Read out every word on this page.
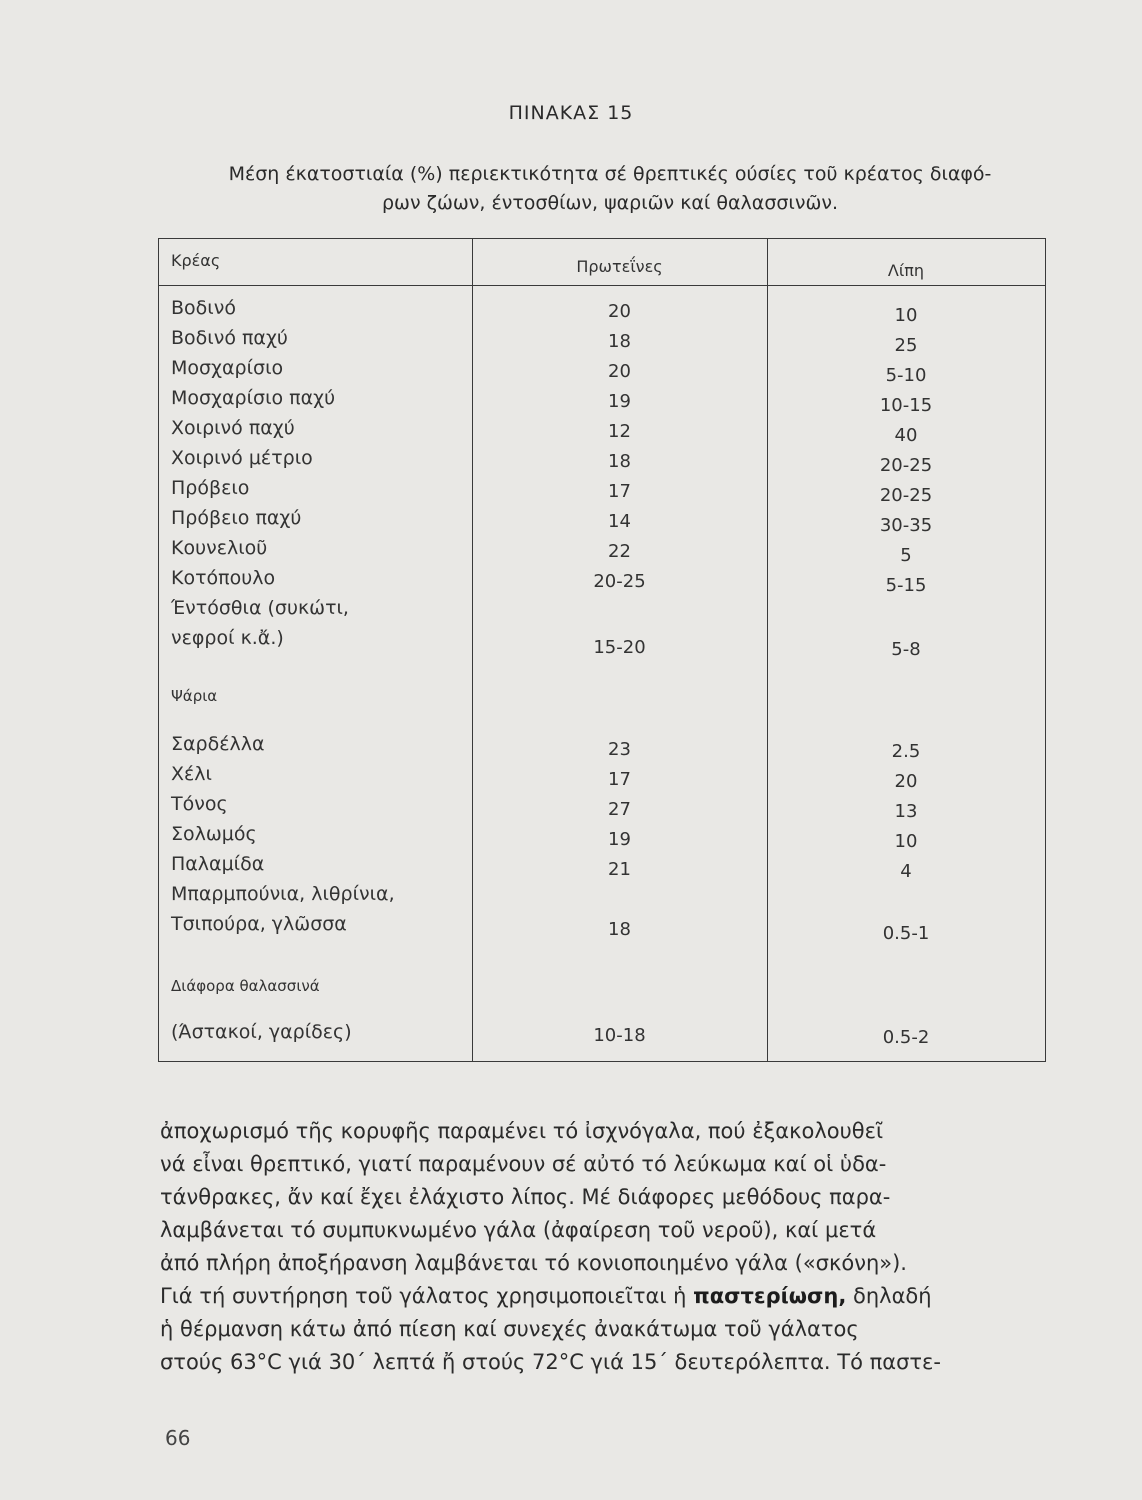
ΠΙΝΑΚΑΣ 15
Μέση έκατοστιαία (%) περιεκτικότητα σέ θρεπτικές ούσίες τοῦ κρέατος διαφό-
ρων ζώων, έντοσθίων, ψαριῶν καί θαλασσινῶν.
Κρέας	Πρωτεΐνες	Λίπη
Βοδινό	20	10
Βοδινό παχύ	18	25
Μοσχαρίσιο	20	5-10
Μοσχαρίσιο παχύ	19	10-15
Χοιρινό παχύ	12	40
Χοιρινό μέτριο	18	20-25
Πρόβειο	17	20-25
Πρόβειο παχύ	14	30-35
Κουνελιοῦ	22	5
Κοτόπουλο	20-25	5-15
Έντόσθια (συκώτι,
νεφροί κ.ἄ.)	15-20	5-8
Ψάρια
Σαρδέλλα	23	2.5
Χέλι	17	20
Τόνος	27	13
Σολωμός	19	10
Παλαμίδα	21	4
Μπαρμπούνια, λιθρίνια,
Τσιπούρα, γλῶσσα	18	0.5-1
Διάφορα θαλασσινά
(Άστακοί, γαρίδες)	10-18	0.5-2
ἀποχωρισμό τῆς κορυφῆς παραμένει τό ἰσχνόγαλα, πού ἐξακολουθεῖ
νά εἶναι θρεπτικό, γιατί παραμένουν σέ αὐτό τό λεύκωμα καί οἱ ὑδα-
τάνθρακες, ἄν καί ἔχει ἐλάχιστο λίπος. Μέ διάφορες μεθόδους παρα-
λαμβάνεται τό συμπυκνωμένο γάλα (ἀφαίρεση τοῦ νεροῦ), καί μετά
ἀπό πλήρη ἀποξήρανση λαμβάνεται τό κονιοποιημένο γάλα («σκόνη»).
Γιά τή συντήρηση τοῦ γάλατος χρησιμοποιεῖται ἡ παστερίωση, δηλαδή
ἡ θέρμανση κάτω ἀπό πίεση καί συνεχές ἀνακάτωμα τοῦ γάλατος
στούς 63°C γιά 30΄ λεπτά ἤ στούς 72°C γιά 15΄ δευτερόλεπτα. Τό παστε-
66
